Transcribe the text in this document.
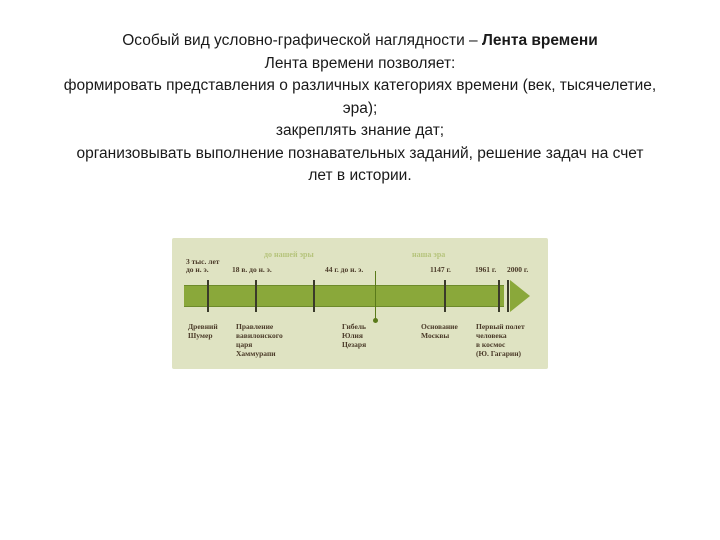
Особый вид условно-графической наглядности – Лента времени
Лента времени позволяет:
формировать представления о различных категориях времени (век, тысячелетие,
эра);
закреплять знание дат;
организовывать выполнение познавательных заданий, решение задач на счет
лет в истории.
до нашей эры	наша эра
3 тыс. лет
до н. э.	18 в. до н. э.	44 г. до н. э.	1147 г.	1961 г. 2000 г.
Древний
Шумер
Правление
вавилонского
царя
Хаммурапи
Гибель
Юлия
Цезаря
Основание
Москвы
Первый полет
человека
в космос
(Ю. Гагарин)
